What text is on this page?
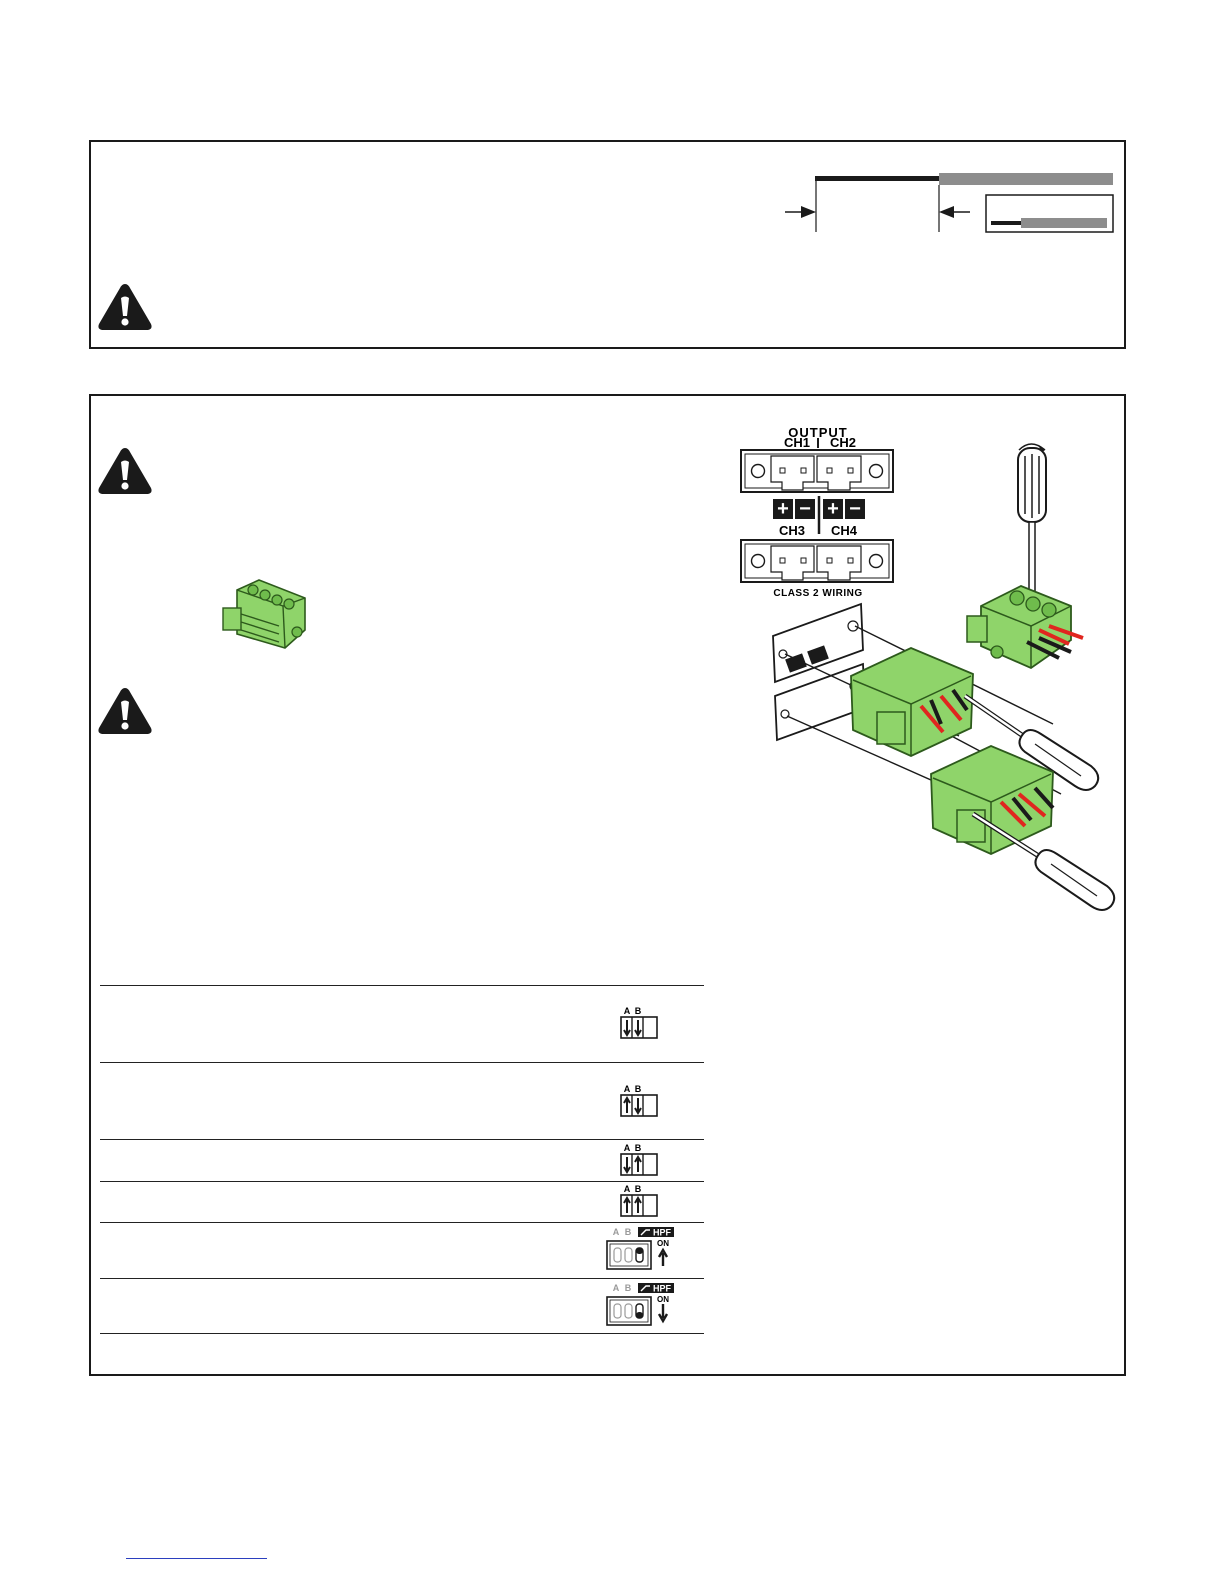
OUTPUT
CH1 CH2
+ − + −
CH3 CH4
CLASS 2 WIRING
A B
A B
A B
A B
A B HPF
ON
A B HPF
ON
